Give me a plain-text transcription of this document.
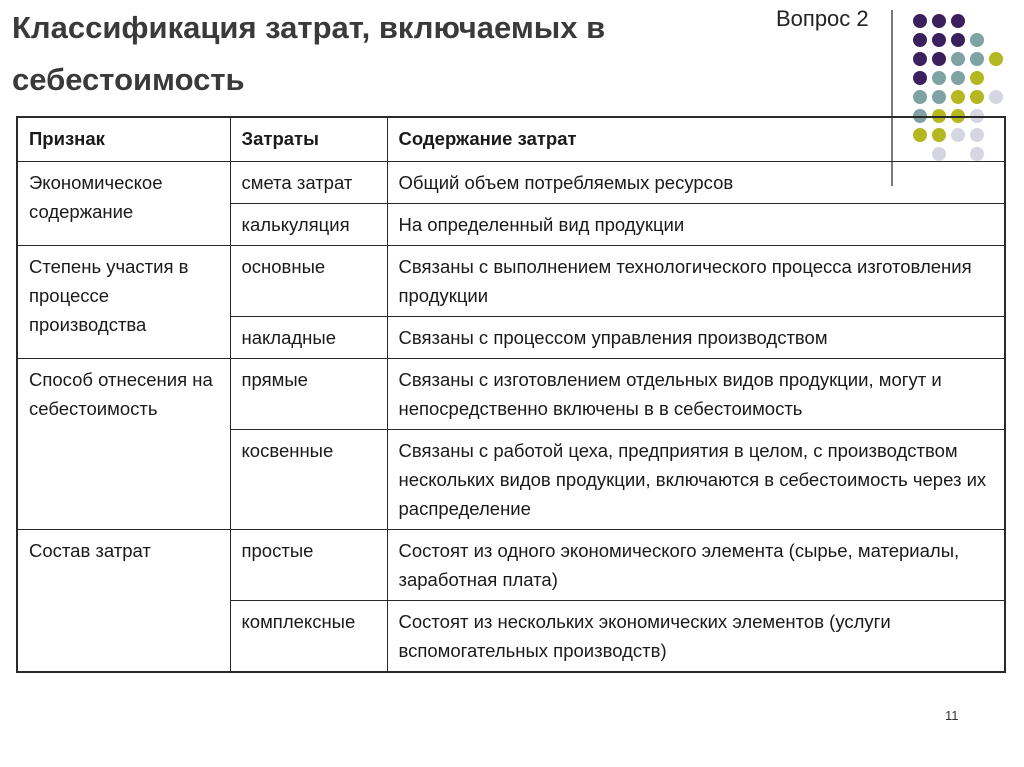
Классификация затрат, включаемых в себестоимость
Вопрос 2
Признак	Затраты	Содержание затрат
Экономическое содержание	смета затрат	Общий объем потребляемых ресурсов
	калькуляция	На определенный вид продукции
Степень участия в процессе производства	основные	Связаны с выполнением технологического процесса изготовления продукции
	накладные	Связаны с процессом управления производством
Способ отнесения на себестоимость	прямые	Связаны с изготовлением отдельных видов продукции, могут и непосредственно включены в в себестоимость
	косвенные	Связаны с работой цеха, предприятия в целом, с производством нескольких видов продукции, включаются в себестоимость через их распределение
Состав затрат	простые	Состоят из одного экономического элемента (сырье, материалы, заработная плата)
	комплексные	Состоят из нескольких экономических элементов (услуги вспомогательных производств)
11
